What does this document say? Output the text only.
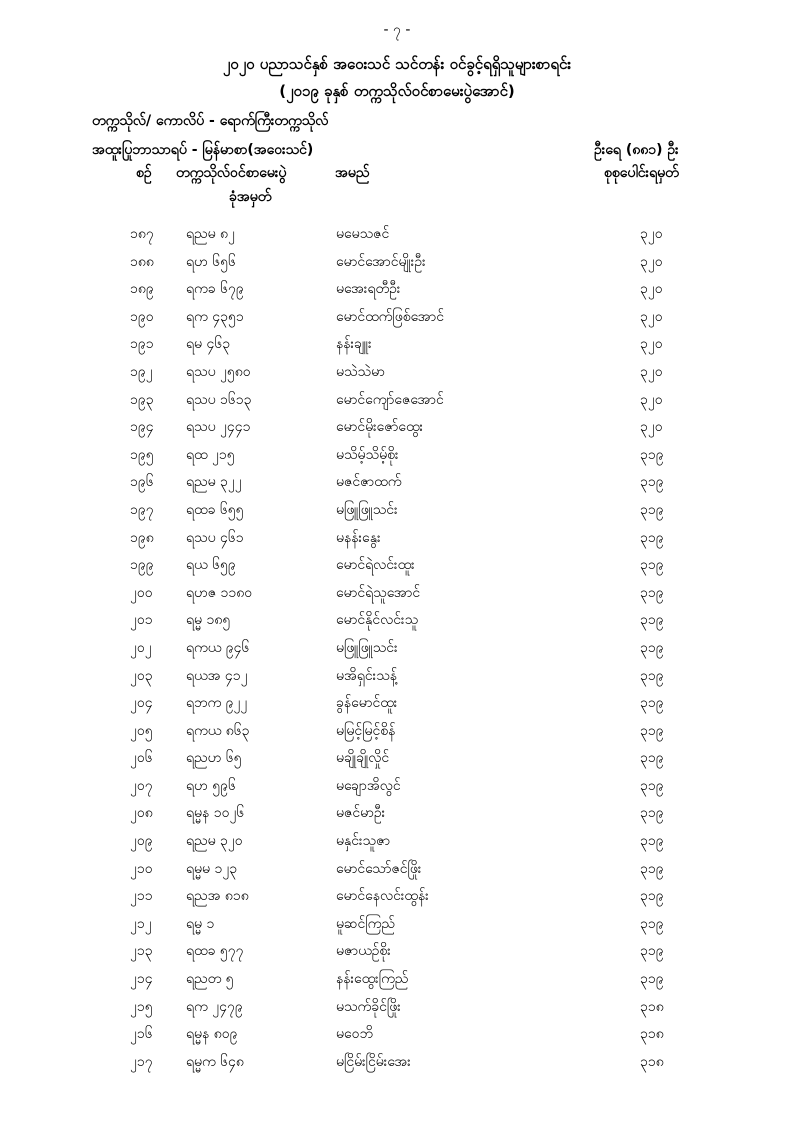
- ၇ -
၂၀၂၀ ပညာသင်နှစ် အဝေးသင် သင်တန်း ဝင်ခွင့်ရရှိသူများစာရင်း
(၂၀၁၉ ခုနှစ် တက္ကသိုလ်ဝင်စာမေးပွဲအောင်)
တက္ကသိုလ်/ ကောလိပ် - ရောက်ကြီးတက္ကသိုလ်
အထူးပြုဘာသာရပ် - မြန်မာစာ(အဝေးသင်)	ဦးရေ (၈၈၁) ဦး
စဉ် တက္ကသိုလ်ဝင်စာမေးပွဲ
ခုံအမှတ်
အမည်	စုစုပေါင်းရမှတ်
၁၈၇ ရညမ ၈၂	မမေသဇင်	၃၂၀
၁၈၈ ရဟ ၆၅၆	မောင်အောင်မျိုးဦး	၃၂၀
၁၈၉ ရကခ ၆၇၉	မအေးရတီဦး	၃၂၀
၁၉၀ ရက ၄၃၅၁	မောင်ထက်ဖြစ်အောင်	၃၂၀
၁၉၁ ရမ ၄၆၃	နန်းချူး	၃၂၀
၁၉၂ ရသပ ၂၅၈၀	မသဲသဲမာ	၃၂၀
၁၉၃ ရသပ ၁၆၁၃	မောင်ကျော်ဇေအောင်	၃၂၀
၁၉၄ ရသပ ၂၄၄၁	မောင်မိုးဇော်ထွေး	၃၂၀
၁၉၅ ရထ ၂၁၅	မသိမ့်သိမ့်စိုး	၃၁၉
၁၉၆ ရညမ ၃၂၂	မဇင်ဇာထက်	၃၁၉
၁၉၇ ရထခ ၆၅၅	မဖြူဖြူသင်း	၃၁၉
၁၉၈ ရသပ ၄၆၁	မနန်းနွေး	၃၁၉
၁၉၉ ရယ ၆၅၉	မောင်ရဲလင်းထူး	၃၁၉
၂၀၀ ရဟဇ ၁၁၈၀	မောင်ရဲသူအောင်	၃၁၉
၂၀၁ ရမ္မ ၁၈၅	မောင်နိုင်လင်းသူ	၃၁၉
၂၀၂ ရကယ ၉၄၆	မဖြူဖြူသင်း	၃၁၉
၂၀၃ ရယအ ၄၁၂	မအိရှင်းသန့်	၃၁၉
၂၀၄ ရဘက ၉၂၂	ခွန်မောင်ထူး	၃၁၉
၂၀၅ ရကယ ၈၆၃	မမြင့်မြင့်စိန်	၃၁၉
၂၀၆ ရညဟ ၆၅	မချိုချိုလှိုင်	၃၁၉
၂၀၇ ရဟ ၅၉၆	မချောအိလွင်	၃၁၉
၂၀၈ ရမ္မန ၁၀၂၆	မဇင်မာဦး	၃၁၉
၂၀၉ ရညမ ၃၂၀	မနှင်းသူဇာ	၃၁၉
၂၁၀ ရမ္မမ ၁၂၃	မောင်သော်ဇင်ဖြိုး	၃၁၉
၂၁၁ ရညအ ၈၁၈	မောင်နေလင်းထွန်း	၃၁၉
၂၁၂ ရမ္မ ၁	မူဆင်ကြည်	၃၁၉
၂၁၃ ရထခ ၅၇၇	မဇာယဉ်စိုး	၃၁၉
၂၁၄ ရညတ ၅	နန်းထွေးကြည်	၃၁၉
၂၁၅ ရက ၂၄၇၉	မသက်ခိုင်ဖြိုး	၃၁၈
၂၁၆ ရမ္မန ၈၀၉	မဝေဘိ	၃၁၈
၂၁၇ ရမ္မက ၆၄၈	မငြိမ်းငြိမ်းအေး	၃၁၈
